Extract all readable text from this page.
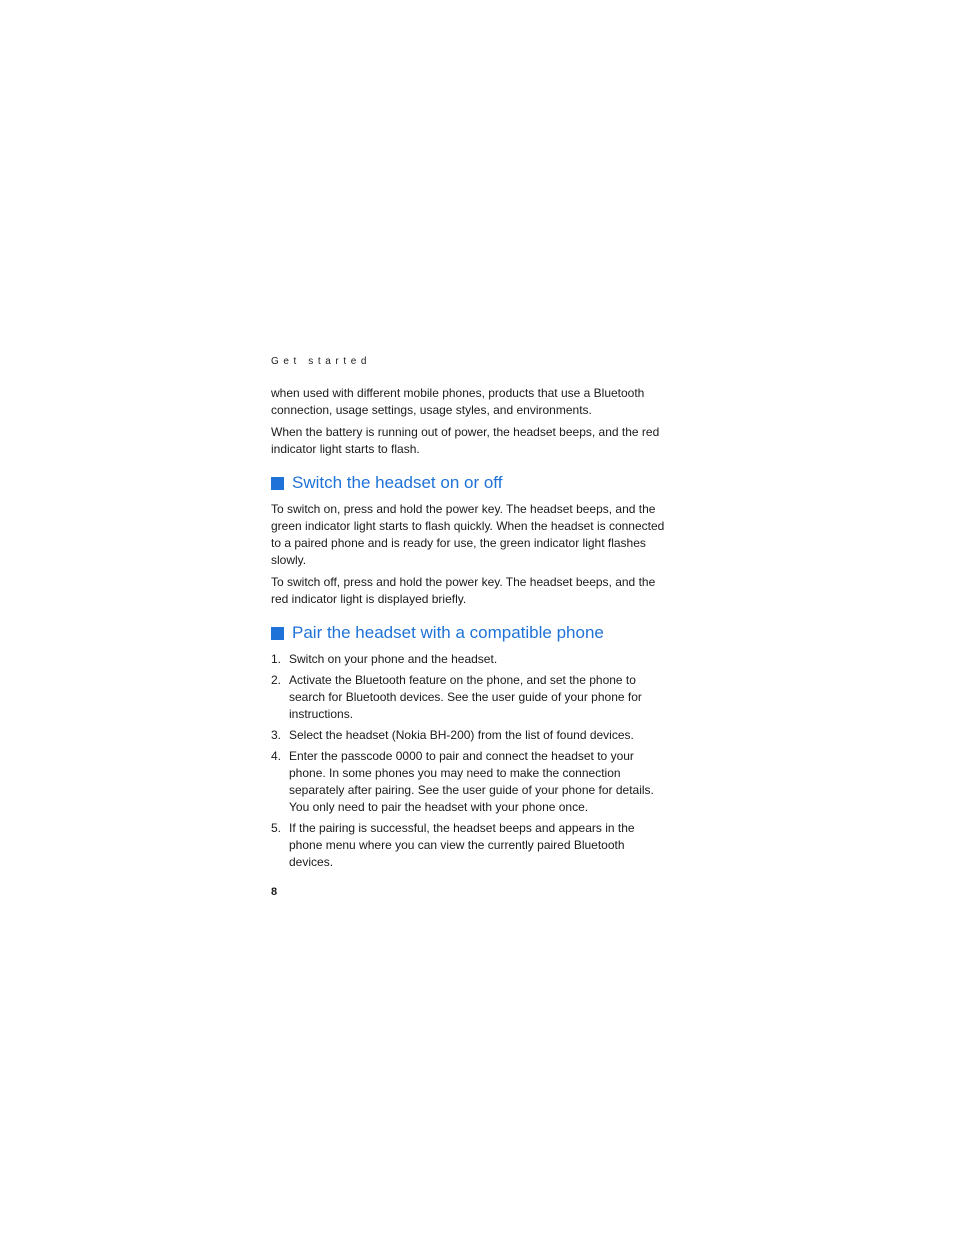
Get started

when used with different mobile phones, products that use a Bluetooth connection, usage settings, usage styles, and environments.

When the battery is running out of power, the headset beeps, and the red indicator light starts to flash.

Switch the headset on or off

To switch on, press and hold the power key. The headset beeps, and the green indicator light starts to flash quickly. When the headset is connected to a paired phone and is ready for use, the green indicator light flashes slowly.

To switch off, press and hold the power key. The headset beeps, and the red indicator light is displayed briefly.

Pair the headset with a compatible phone
1. Switch on your phone and the headset.
2. Activate the Bluetooth feature on the phone, and set the phone to search for Bluetooth devices. See the user guide of your phone for instructions.
3. Select the headset (Nokia BH-200) from the list of found devices.
4. Enter the passcode 0000 to pair and connect the headset to your phone. In some phones you may need to make the connection separately after pairing. See the user guide of your phone for details. You only need to pair the headset with your phone once.
5. If the pairing is successful, the headset beeps and appears in the phone menu where you can view the currently paired Bluetooth devices.
8
